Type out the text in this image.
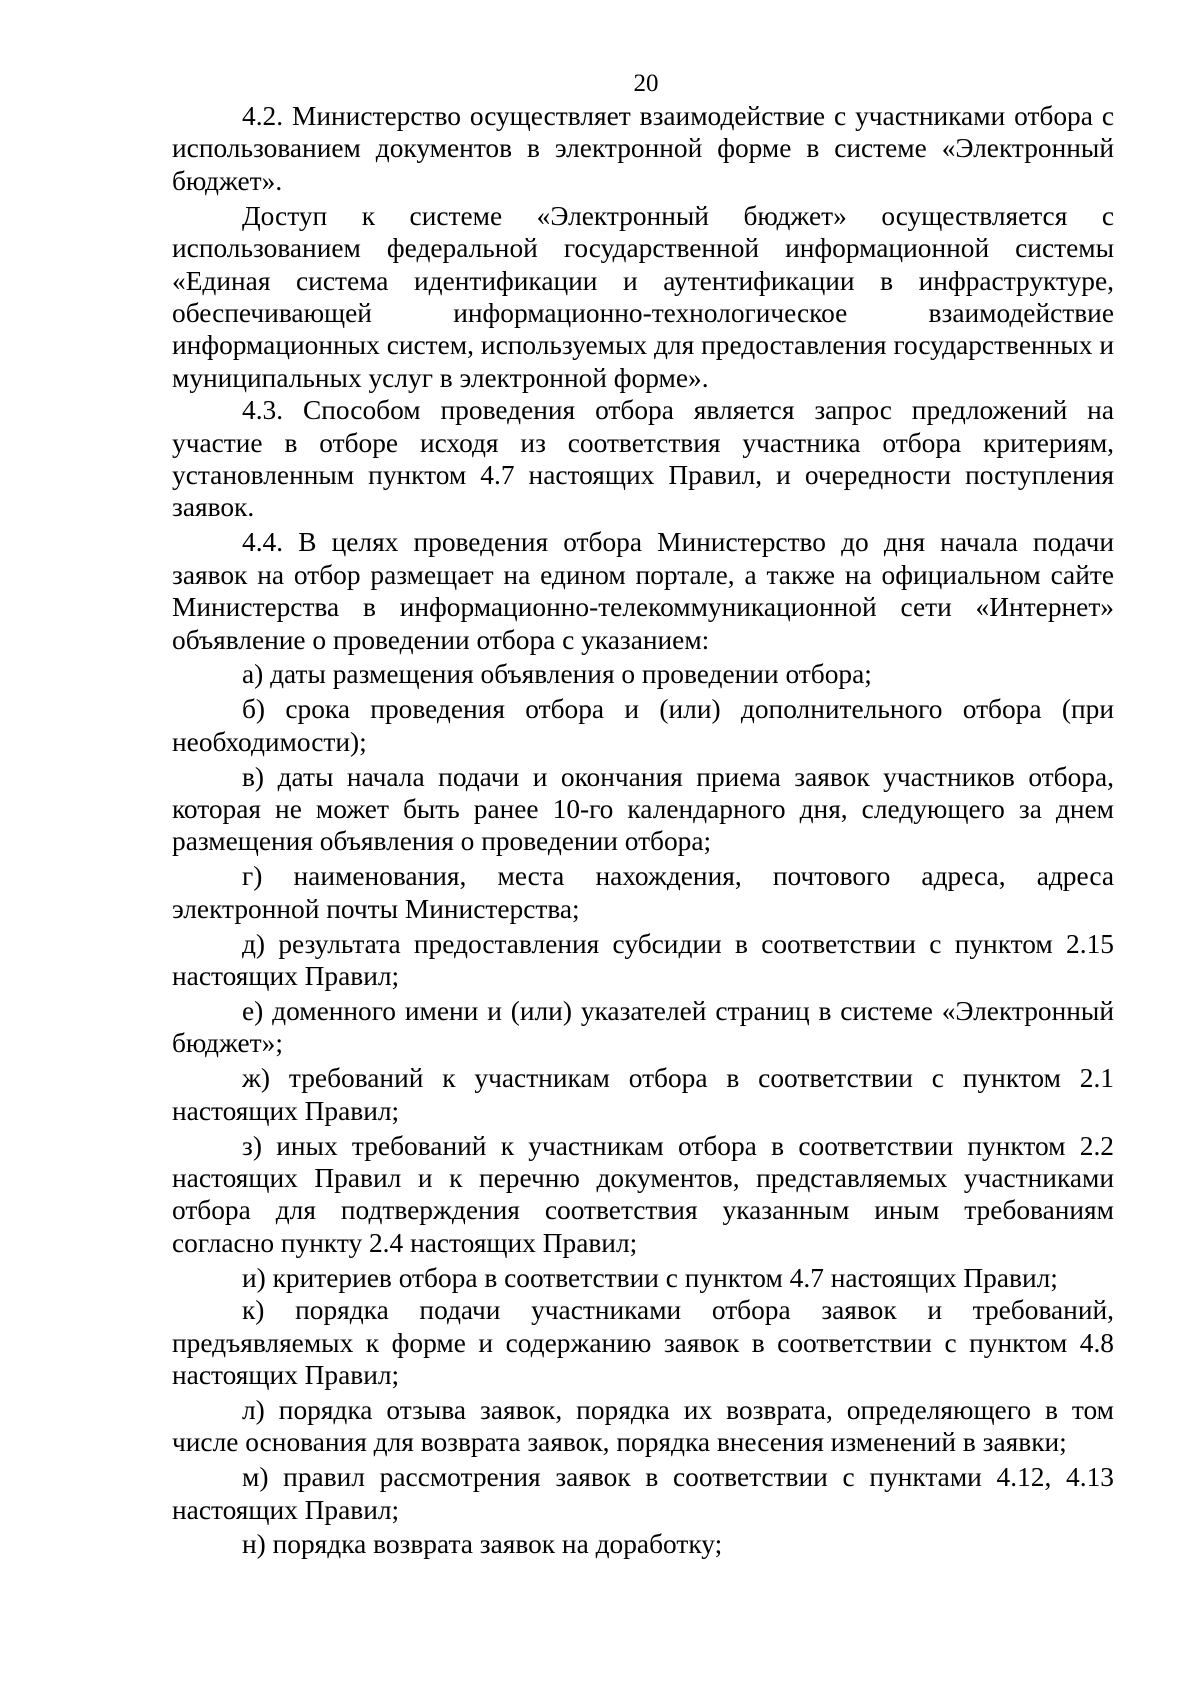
20

4.2. Министерство осуществляет взаимодействие с участниками отбора с использованием документов в электронной форме в системе «Электронный бюджет».

Доступ к системе «Электронный бюджет» осуществляется с использованием федеральной государственной информационной системы «Единая система идентификации и аутентификации в инфраструктуре, обеспечивающей информационно-технологическое взаимодействие информационных систем, используемых для предоставления государственных и муниципальных услуг в электронной форме».

4.3. Способом проведения отбора является запрос предложений на участие в отборе исходя из соответствия участника отбора критериям, установленным пунктом 4.7 настоящих Правил, и очередности поступления заявок.

4.4. В целях проведения отбора Министерство до дня начала подачи заявок на отбор размещает на едином портале, а также на официальном сайте Министерства в информационно-телекоммуникационной сети «Интернет» объявление о проведении отбора с указанием:

а) даты размещения объявления о проведении отбора;

б) срока проведения отбора и (или) дополнительного отбора (при необходимости);

в) даты начала подачи и окончания приема заявок участников отбора, которая не может быть ранее 10-го календарного дня, следующего за днем размещения объявления о проведении отбора;

г) наименования, места нахождения, почтового адреса, адреса электронной почты Министерства;

д) результата предоставления субсидии в соответствии с пунктом 2.15 настоящих Правил;

е) доменного имени и (или) указателей страниц в системе «Электронный бюджет»;

ж) требований к участникам отбора в соответствии с пунктом 2.1 настоящих Правил;

з) иных требований к участникам отбора в соответствии пунктом 2.2 настоящих Правил и к перечню документов, представляемых участниками отбора для подтверждения соответствия указанным иным требованиям согласно пункту 2.4 настоящих Правил;

и) критериев отбора в соответствии с пунктом 4.7 настоящих Правил;

к) порядка подачи участниками отбора заявок и требований, предъявляемых к форме и содержанию заявок в соответствии с пунктом 4.8 настоящих Правил;

л) порядка отзыва заявок, порядка их возврата, определяющего в том числе основания для возврата заявок, порядка внесения изменений в заявки;

м) правил рассмотрения заявок в соответствии с пунктами 4.12, 4.13 настоящих Правил;

н) порядка возврата заявок на доработку;
